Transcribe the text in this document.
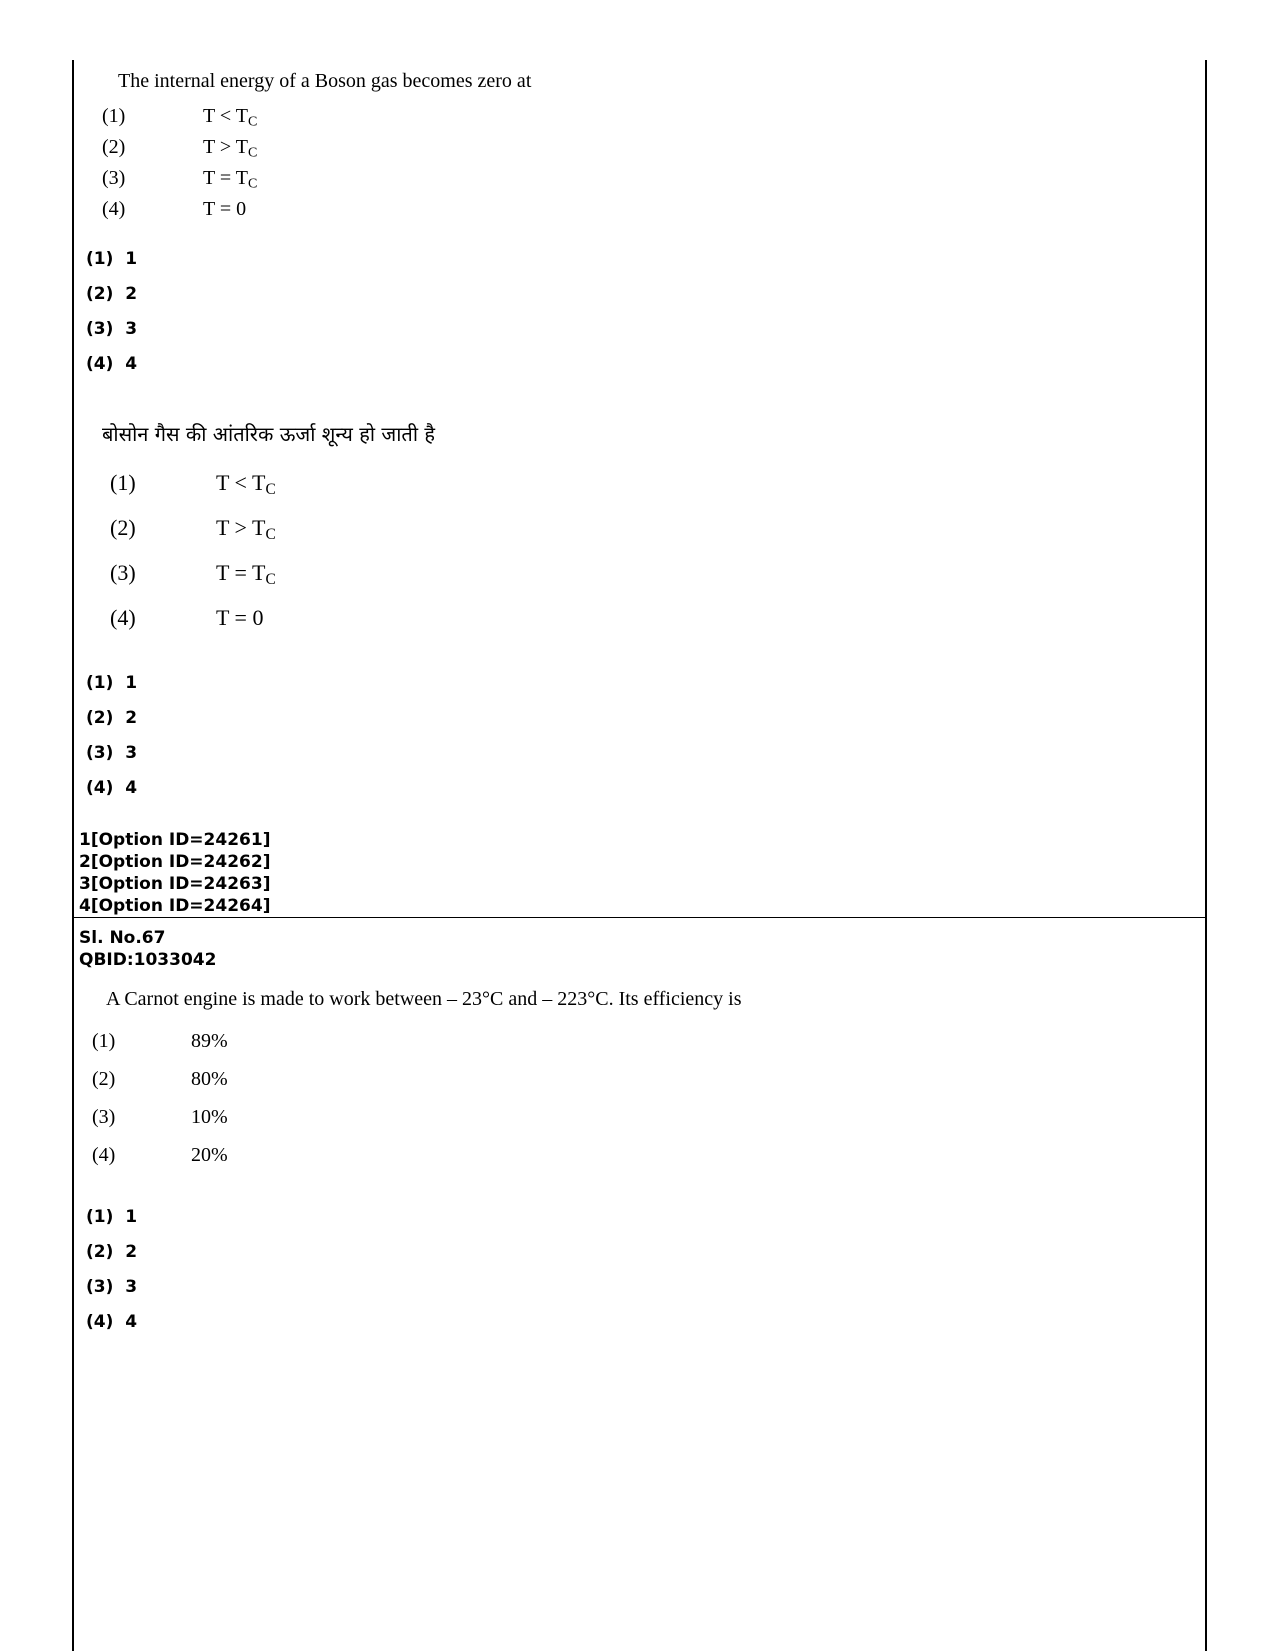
The internal energy of a Boson gas becomes zero at
(1)	$T < T_C$
(2)	$T > T_C$
(3)	$T = T_C$
(4)	T = 0
(1)  1
(2)  2
(3)  3
(4)  4
बोसोन गैस की आंतरिक ऊर्जा शून्य हो जाती है
(1)	$T < T_C$
(2)	$T > T_C$
(3)	$T = T_C$
(4)	T = 0
(1)  1
(2)  2
(3)  3
(4)  4
1[Option ID=24261]
2[Option ID=24262]
3[Option ID=24263]
4[Option ID=24264]
Sl. No.67
QBID:1033042
A Carnot engine is made to work between – 23°C and – 223°C. Its efficiency is
(1)	89%
(2)	80%
(3)	10%
(4)	20%
(1)  1
(2)  2
(3)  3
(4)  4
